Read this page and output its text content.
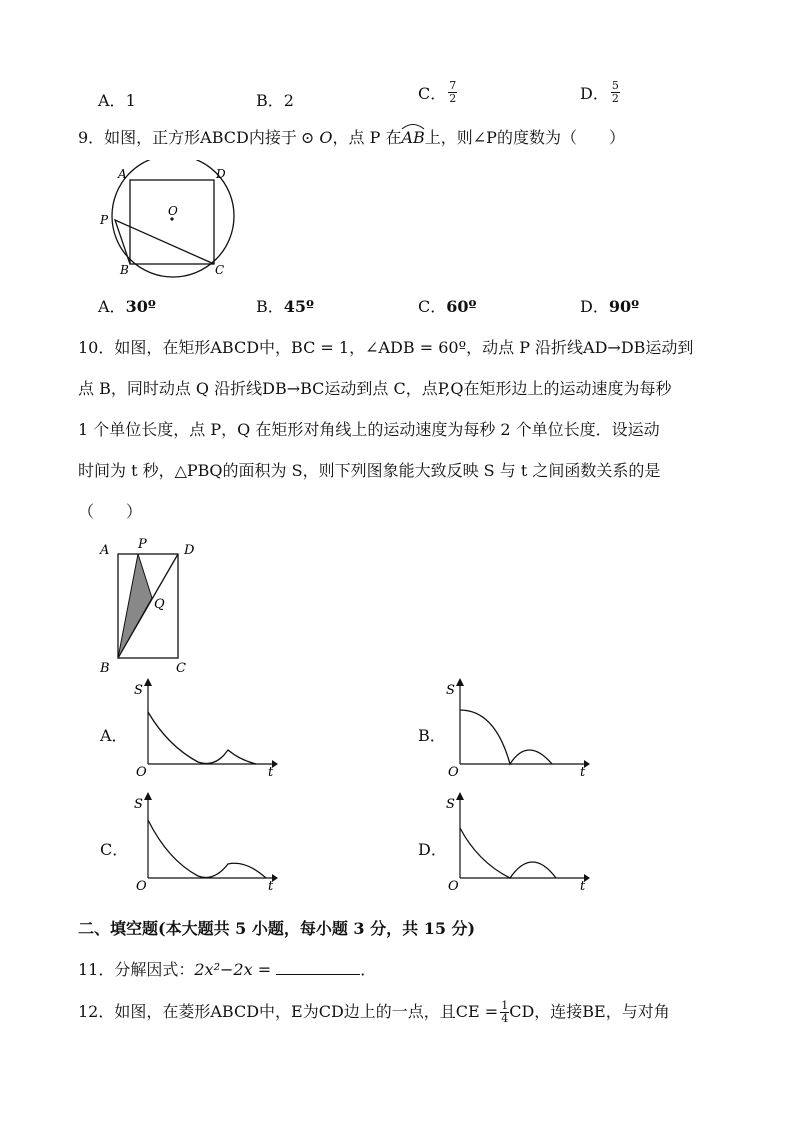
A．1	B．2	C． $\frac{7}{2}$	D． $\frac{5}{2}$
9．如图，正方形ABCD内接于 ⊙ O，点 P 在AB
上，则∠P的度数为（　　）
A	D
P
O
B	C
A．30º	B．45º	C．60º	D．90º
10．如图，在矩形ABCD中，BC = 1，∠ADB = 60º，动点 P 沿折线AD→DB运动到
点 B，同时动点 Q 沿折线DB→BC运动到点 C，点P,Q在矩形边上的运动速度为每秒
1 个单位长度，点 P，Q 在矩形对角线上的运动速度为每秒 2 个单位长度．设运动
时间为 t 秒，△PBQ的面积为 S，则下列图象能大致反映 S 与 t 之间函数关系的是
（　　）
A P	D
Q
B	C
A．
S
O	t
B．
S
O	t
C．
S
O	t
D．
S
O	t
二、填空题(本大题共 5 小题，每小题 3 分，共 15 分)
11．分解因式：2x²−2x =	．
12．如图，在菱形ABCD中，E为CD边上的一点，且CE = $\frac{1}{4}$ CD，连接BE，与对角
